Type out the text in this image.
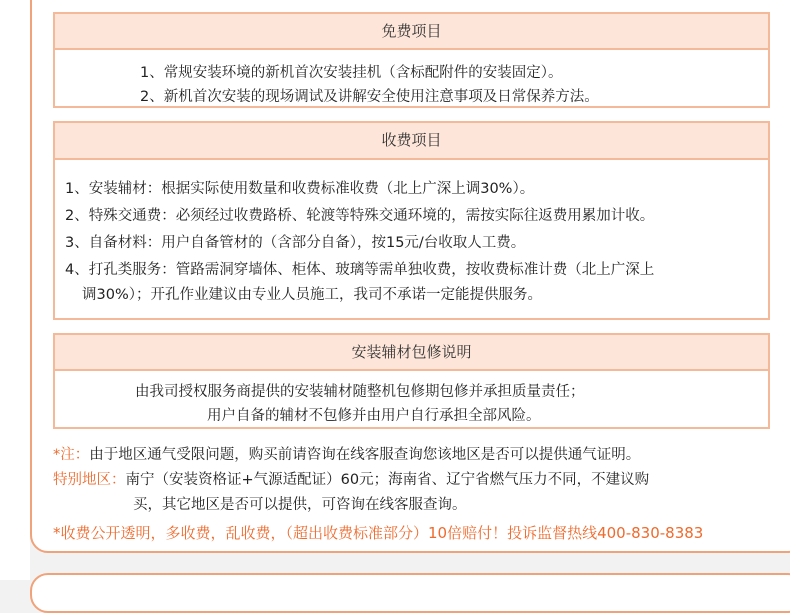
免费项目
1、常规安装环境的新机首次安装挂机（含标配附件的安装固定）。
2、新机首次安装的现场调试及讲解安全使用注意事项及日常保养方法。
收费项目
1、安装辅材：根据实际使用数量和收费标准收费（北上广深上调30%）。
2、特殊交通费：必须经过收费路桥、轮渡等特殊交通环境的，需按实际往返费用累加计收。
3、自备材料：用户自备管材的（含部分自备），按15元/台收取人工费。
4、打孔类服务：管路需洞穿墙体、柜体、玻璃等需单独收费，按收费标准计费（北上广深上
调30%）；开孔作业建议由专业人员施工，我司不承诺一定能提供服务。
安装辅材包修说明
由我司授权服务商提供的安装辅材随整机包修期包修并承担质量责任；
用户自备的辅材不包修并由用户自行承担全部风险。
*注：由于地区通气受限问题，购买前请咨询在线客服查询您该地区是否可以提供通气证明。
特别地区：南宁（安装资格证+气源适配证）60元；海南省、辽宁省燃气压力不同，不建议购
买，其它地区是否可以提供，可咨询在线客服查询。
*收费公开透明，多收费，乱收费，（超出收费标准部分）10倍赔付！投诉监督热线400-830-8383
